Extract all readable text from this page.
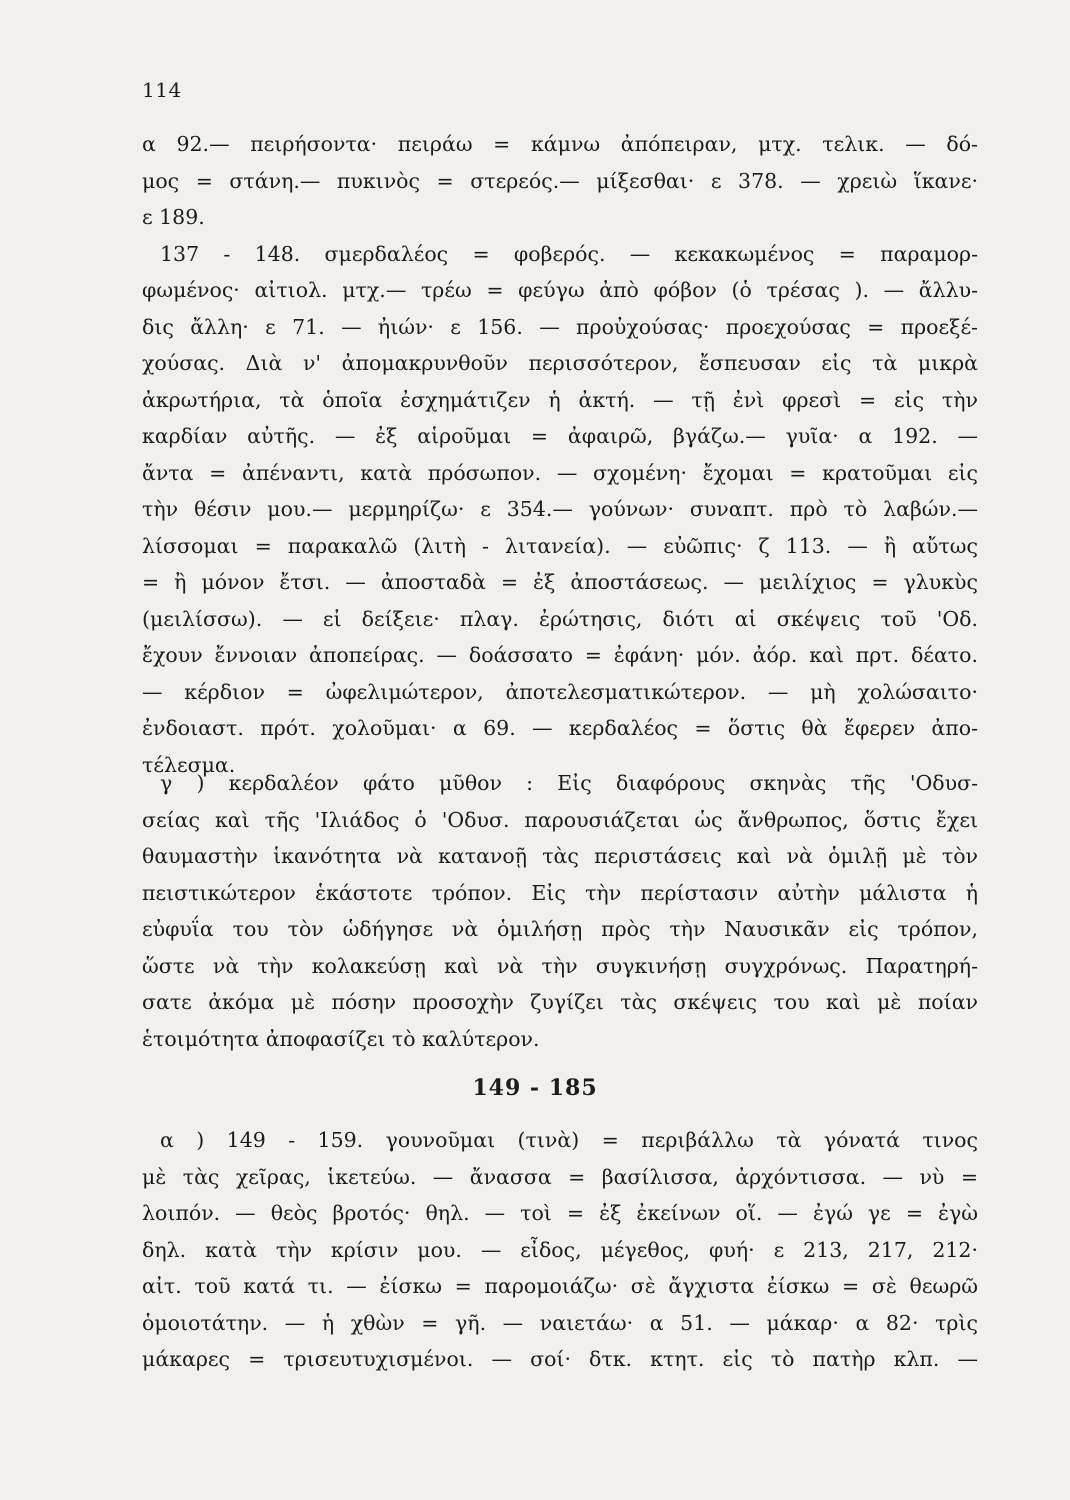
114
α 92.— πειρήσοντα· πειράω = κάμνω ἀπόπειραν, μτχ. τελικ. — δό-
μος = στάνη.— πυκινὸς = στερεός.— μίξεσθαι· ε 378. — χρειὼ ἵκανε·
ε 189.
137 - 148. σμερδαλέος = φοβερός. — κεκακωμένος = παραμορ-
φωμένος· αἰτιολ. μτχ.— τρέω = φεύγω ἀπὸ φόβον (ὁ τρέσας ). — ἄλλυ-
δις ἄλλη· ε 71. — ἠιών· ε 156. — προὐχούσας· προεχούσας = προεξέ-
χούσας. Διὰ ν' ἀπομακρυνθοῦν περισσότερον, ἔσπευσαν εἰς τὰ μικρὰ
ἀκρωτήρια, τὰ ὁποῖα ἐσχημάτιζεν ἡ ἀκτή. — τῇ ἐνὶ φρεσὶ = εἰς τὴν
καρδίαν αὐτῆς. — ἐξ αἱροῦμαι = ἀφαιρῶ, βγάζω.— γυῖα· α 192. —
ἄντα = ἀπέναντι, κατὰ πρόσωπον. — σχομένη· ἔχομαι = κρατοῦμαι εἰς
τὴν θέσιν μου.— μερμηρίζω· ε 354.— γούνων· συναπτ. πρὸ τὸ λαβών.—
λίσσομαι = παρακαλῶ (λιτὴ - λιτανεία). — εὐῶπις· ζ 113. — ἢ αὔτως
= ἢ μόνον ἔτσι. — ἀποσταδὰ = ἐξ ἀποστάσεως. — μειλίχιος = γλυκὺς
(μειλίσσω). — εἰ δείξειε· πλαγ. ἐρώτησις, διότι αἱ σκέψεις τοῦ 'Οδ.
ἔχουν ἔννοιαν ἀποπείρας. — δοάσσατο = ἐφάνη· μόν. ἀόρ. καὶ πρτ. δέατο.
— κέρδιον = ὠφελιμώτερον, ἀποτελεσματικώτερον. — μὴ χολώσαιτο·
ἐνδοιαστ. πρότ. χολοῦμαι· α 69. — κερδαλέος = ὅστις θὰ ἔφερεν ἀπο-
τέλεσμα.
γ ) κερδαλέον φάτο μῦθον : Εἰς διαφόρους σκηνὰς τῆς 'Οδυσ-
σείας καὶ τῆς 'Ιλιάδος ὁ 'Οδυσ. παρουσιάζεται ὡς ἄνθρωπος, ὅστις ἔχει
θαυμαστὴν ἱκανότητα νὰ κατανοῇ τὰς περιστάσεις καὶ νὰ ὁμιλῇ μὲ τὸν
πειστικώτερον ἑκάστοτε τρόπον. Εἰς τὴν περίστασιν αὐτὴν μάλιστα ἡ
εὐφυΐα του τὸν ὡδήγησε νὰ ὁμιλήσῃ πρὸς τὴν Ναυσικᾶν εἰς τρόπον,
ὥστε νὰ τὴν κολακεύσῃ καὶ νὰ τὴν συγκινήσῃ συγχρόνως. Παρατηρή-
σατε ἀκόμα μὲ πόσην προσοχὴν ζυγίζει τὰς σκέψεις του καὶ μὲ ποίαν
ἑτοιμότητα ἀποφασίζει τὸ καλύτερον.
149 - 185
α ) 149 - 159. γουνοῦμαι (τινὰ) = περιβάλλω τὰ γόνατά τινος
μὲ τὰς χεῖρας, ἱκετεύω. — ἄνασσα = βασίλισσα, ἀρχόντισσα. — νὺ =
λοιπόν. — θεὸς βροτός· θηλ. — τοὶ = ἐξ ἐκείνων οἵ. — ἐγώ γε = ἐγὼ
δηλ. κατὰ τὴν κρίσιν μου. — εἶδος, μέγεθος, φυή· ε 213, 217, 212·
αἰτ. τοῦ κατά τι. — ἐίσκω = παρομοιάζω· σὲ ἄγχιστα ἐίσκω = σὲ θεωρῶ
ὁμοιοτάτην. — ἡ χθὼν = γῆ. — ναιετάω· α 51. — μάκαρ· α 82· τρὶς
μάκαρες = τρισευτυχισμένοι. — σοί· δτκ. κτητ. εἰς τὸ πατὴρ κλπ. —
